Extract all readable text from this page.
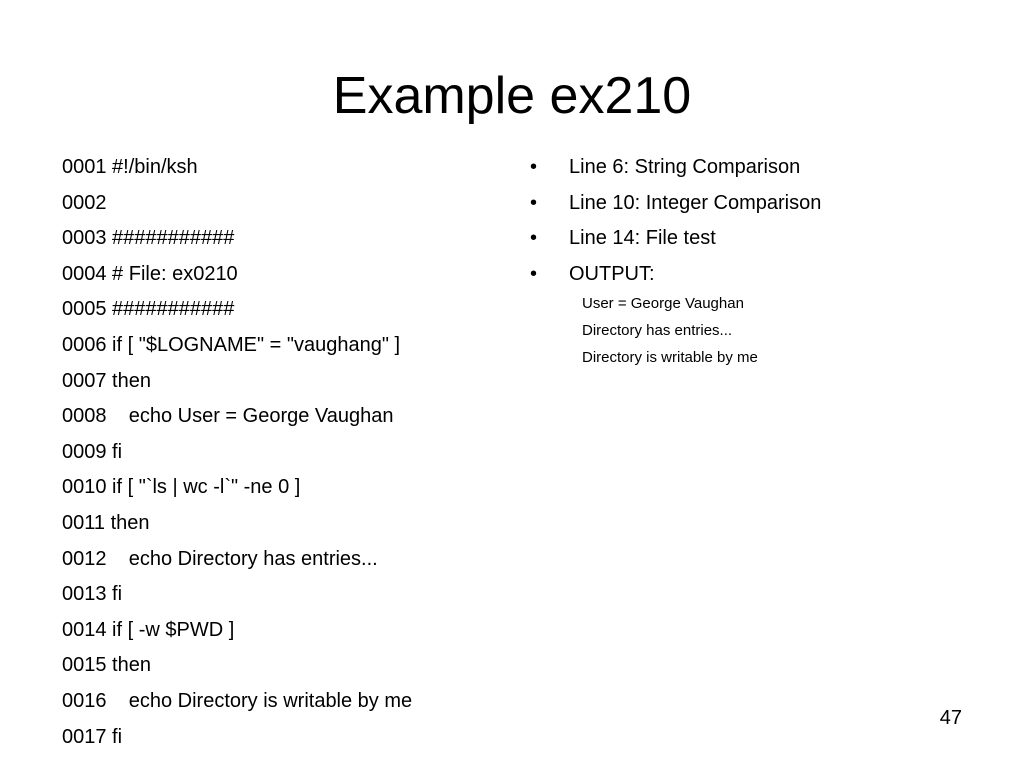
Example ex210
0001 #!/bin/ksh
0002
0003 ###########
0004 # File: ex0210
0005 ###########
0006 if [ "$LOGNAME" = "vaughang" ]
0007 then
0008    echo User = George Vaughan
0009 fi
0010 if [ "`ls | wc -l`" -ne 0 ]
0011 then
0012    echo Directory has entries...
0013 fi
0014 if [ -w $PWD ]
0015 then
0016    echo Directory is writable by me
0017 fi
• Line 6: String Comparison
• Line 10: Integer Comparison
• Line 14: File test
• OUTPUT:
User = George Vaughan
Directory has entries...
Directory is writable by me
47
